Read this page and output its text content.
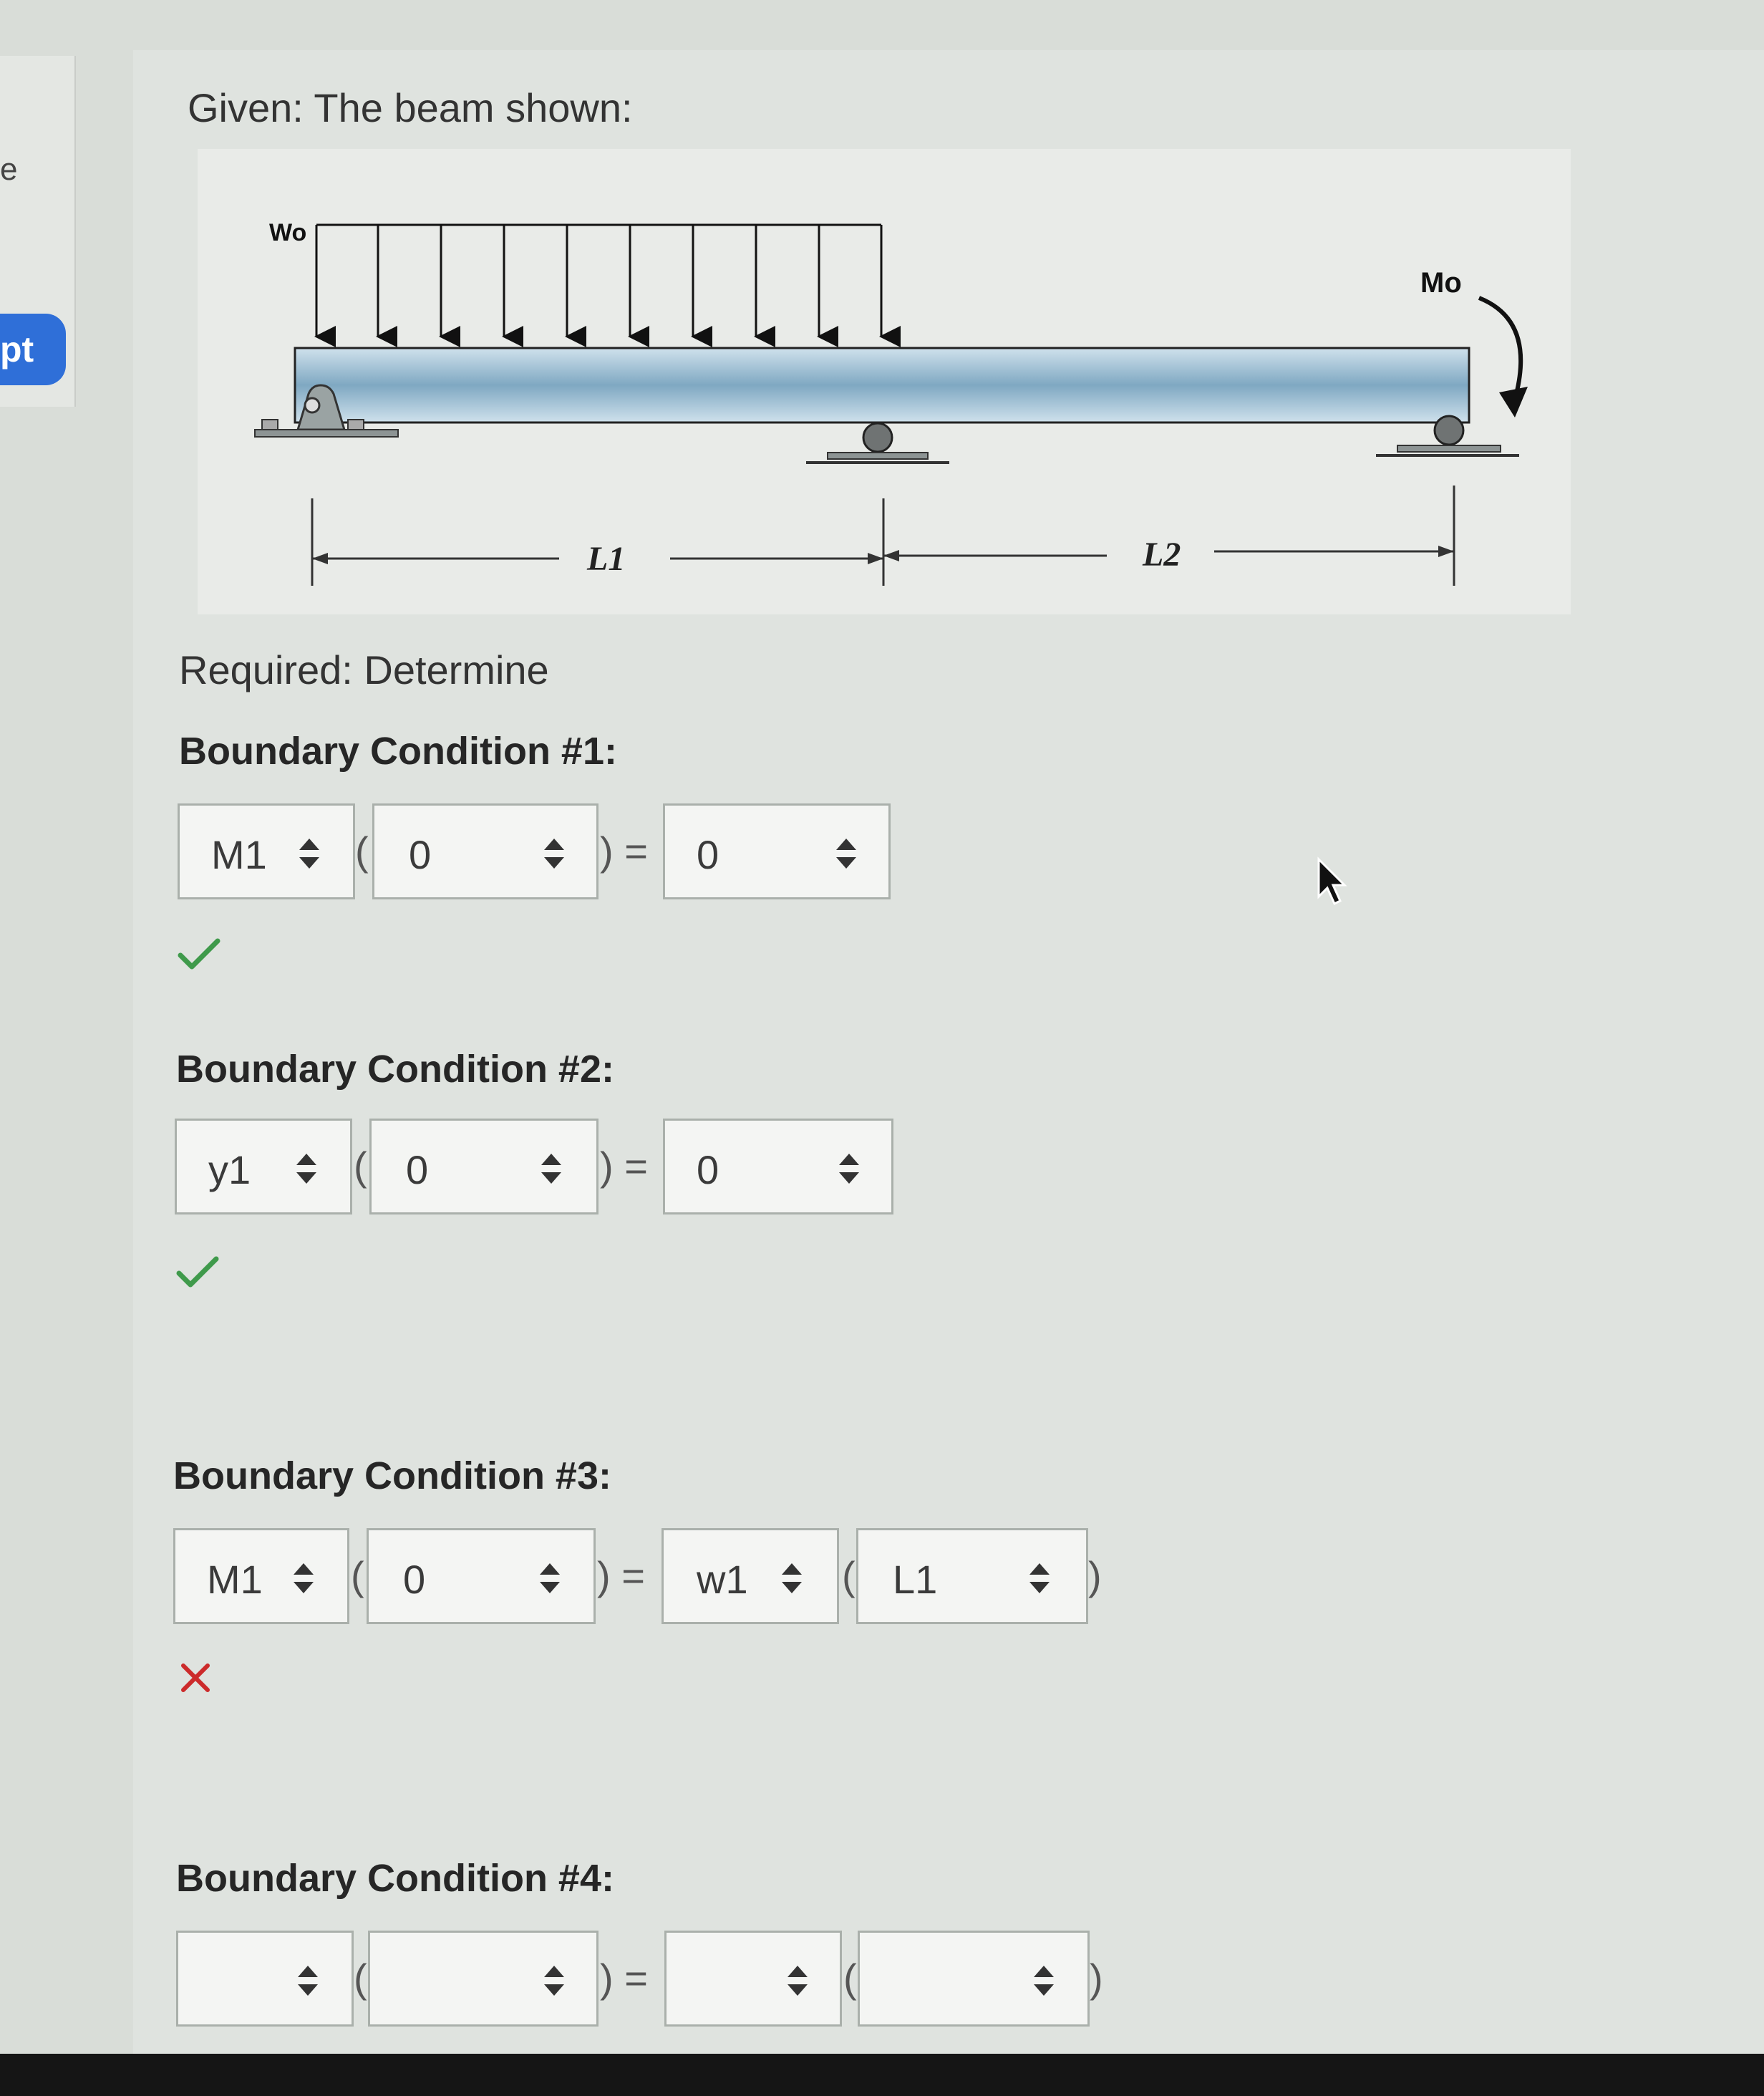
e
pt
Given: The beam shown:
Wo
Mo
L1	L2
Required: Determine
Boundary Condition #1:
M1 ( 0	) = 0
Boundary Condition #2:
y1	( 0	) = 0
Boundary Condition #3:
M1 ( 0	) = w1 ( L1	)
Boundary Condition #4:
(	) =	(	)
